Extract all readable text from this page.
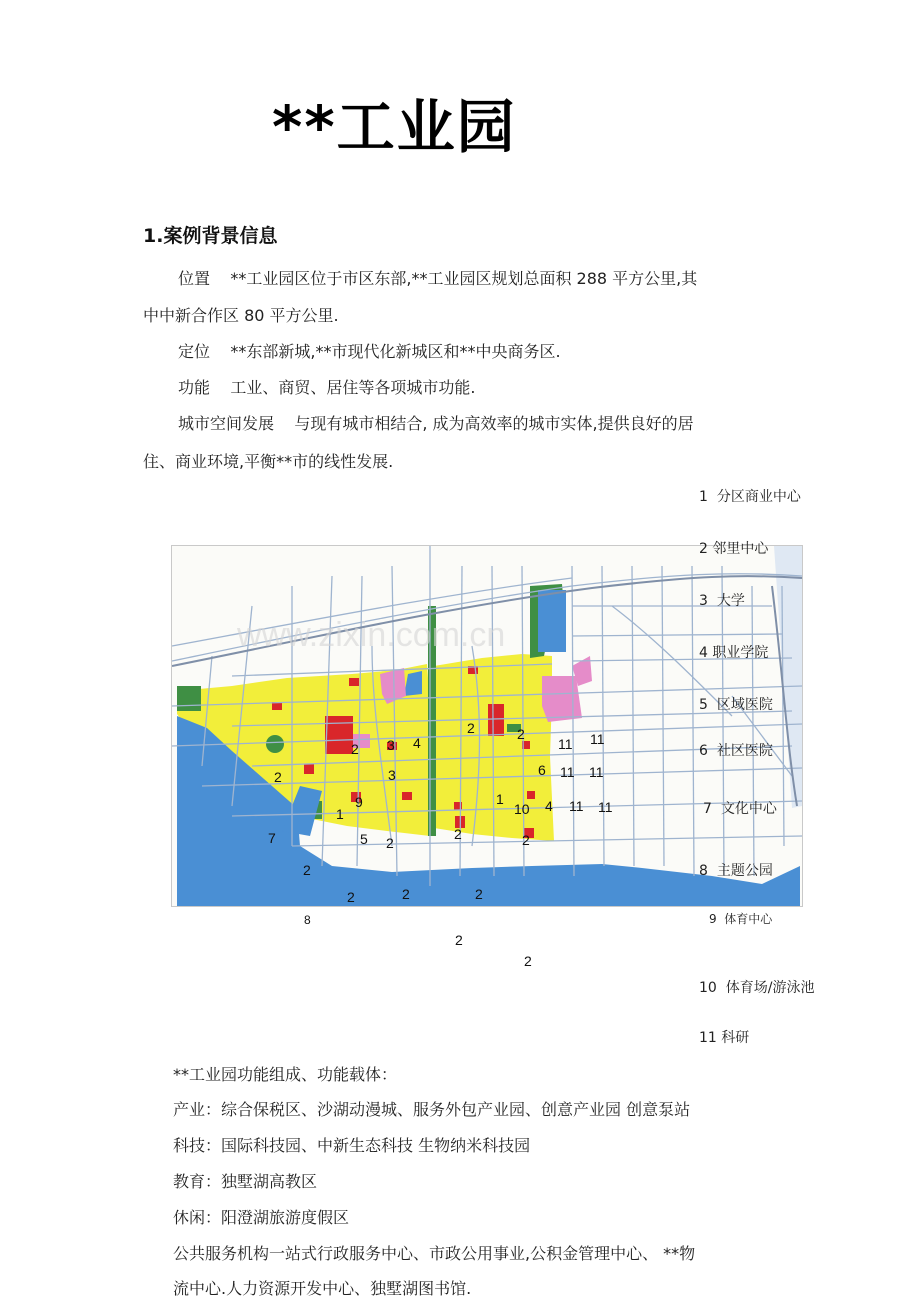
**工业园
1.案例背景信息
位置 **工业园区位于市区东部,**工业园区规划总面积 288 平方公里,其
中中新合作区 80 平方公里.
定位 **东部新城,**市现代化新城区和**中央商务区.
功能 工业、商贸、居住等各项城市功能.
城市空间发展 与现有城市相结合, 成为高效率的城市实体,提供良好的居
住、商业环境,平衡**市的线性发展.
www.zixin.com.cn
2 3 4
2	2
11 11
2	3	6 11 11
1
9	1
10 4 11 11
7	5 2
2	2
2
2	2	2
8
2
2
1 分区商业中心
2 邻里中心
3 大学
4 职业学院
5 区域医院
6 社区医院
7 文化中心
8 主题公园
9 体育中心
10 体育场/游泳池
11 科研
**工业园功能组成、功能载体：
产业：综合保税区、沙湖动漫城、服务外包产业园、创意产业园 创意泵站
科技：国际科技园、中新生态科技 生物纳米科技园
教育：独墅湖高教区
休闲：阳澄湖旅游度假区
公共服务机构一站式行政服务中心、市政公用事业,公积金管理中心、 **物
流中心.人力资源开发中心、独墅湖图书馆.
